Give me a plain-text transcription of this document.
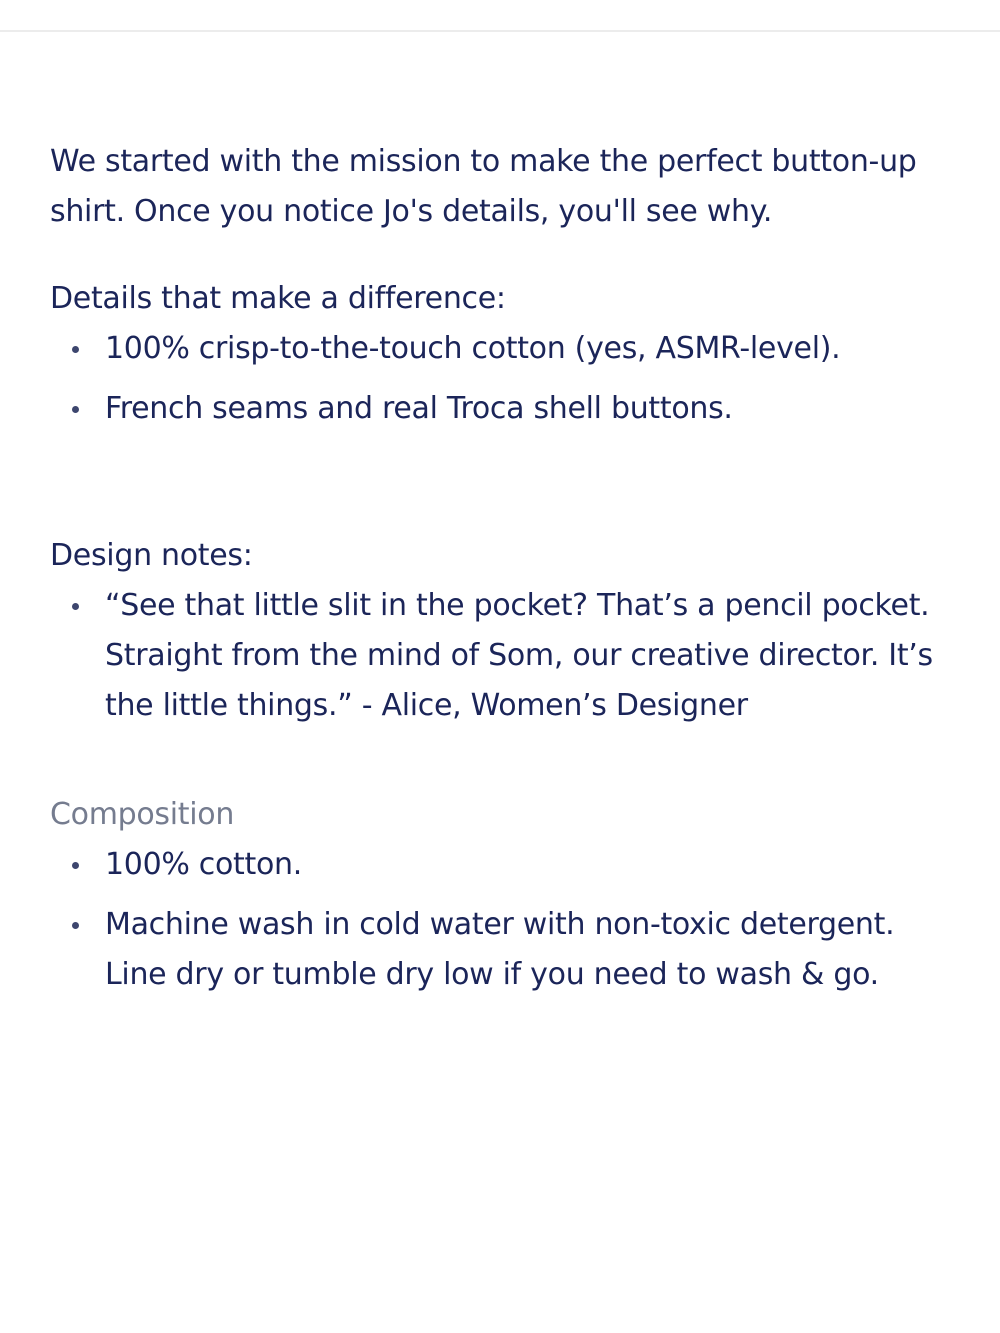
We started with the mission to make the perfect button-up shirt. Once you notice Jo's details, you'll see why.

Details that make a difference:

100% crisp-to-the-touch cotton (yes, ASMR-level).
French seams and real Troca shell buttons.

Design notes:

“See that little slit in the pocket? That’s a pencil pocket. Straight from the mind of Som, our creative director. It’s the little things.” - Alice, Women’s Designer

Composition

100% cotton.
Machine wash in cold water with non-toxic detergent. Line dry or tumble dry low if you need to wash & go.
